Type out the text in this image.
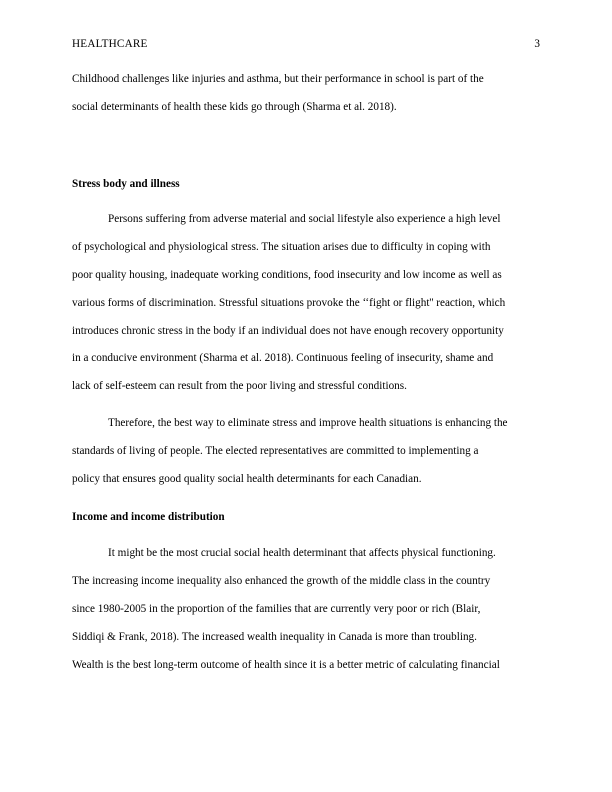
HEALTHCARE	3
Childhood challenges like injuries and asthma, but their performance in school is part of the
social determinants of health these kids go through (Sharma et al. 2018).
Stress body and illness
Persons suffering from adverse material and social lifestyle also experience a high level
of psychological and physiological stress. The situation arises due to difficulty in coping with
poor quality housing, inadequate working conditions, food insecurity and low income as well as
various forms of discrimination. Stressful situations provoke the ‘‘fight or flight'' reaction, which
introduces chronic stress in the body if an individual does not have enough recovery opportunity
in a conducive environment (Sharma et al. 2018). Continuous feeling of insecurity, shame and
lack of self-esteem can result from the poor living and stressful conditions.
Therefore, the best way to eliminate stress and improve health situations is enhancing the
standards of living of people. The elected representatives are committed to implementing a
policy that ensures good quality social health determinants for each Canadian.
Income and income distribution
It might be the most crucial social health determinant that affects physical functioning.
The increasing income inequality also enhanced the growth of the middle class in the country
since 1980-2005 in the proportion of the families that are currently very poor or rich (Blair,
Siddiqi & Frank, 2018). The increased wealth inequality in Canada is more than troubling.
Wealth is the best long-term outcome of health since it is a better metric of calculating financial
